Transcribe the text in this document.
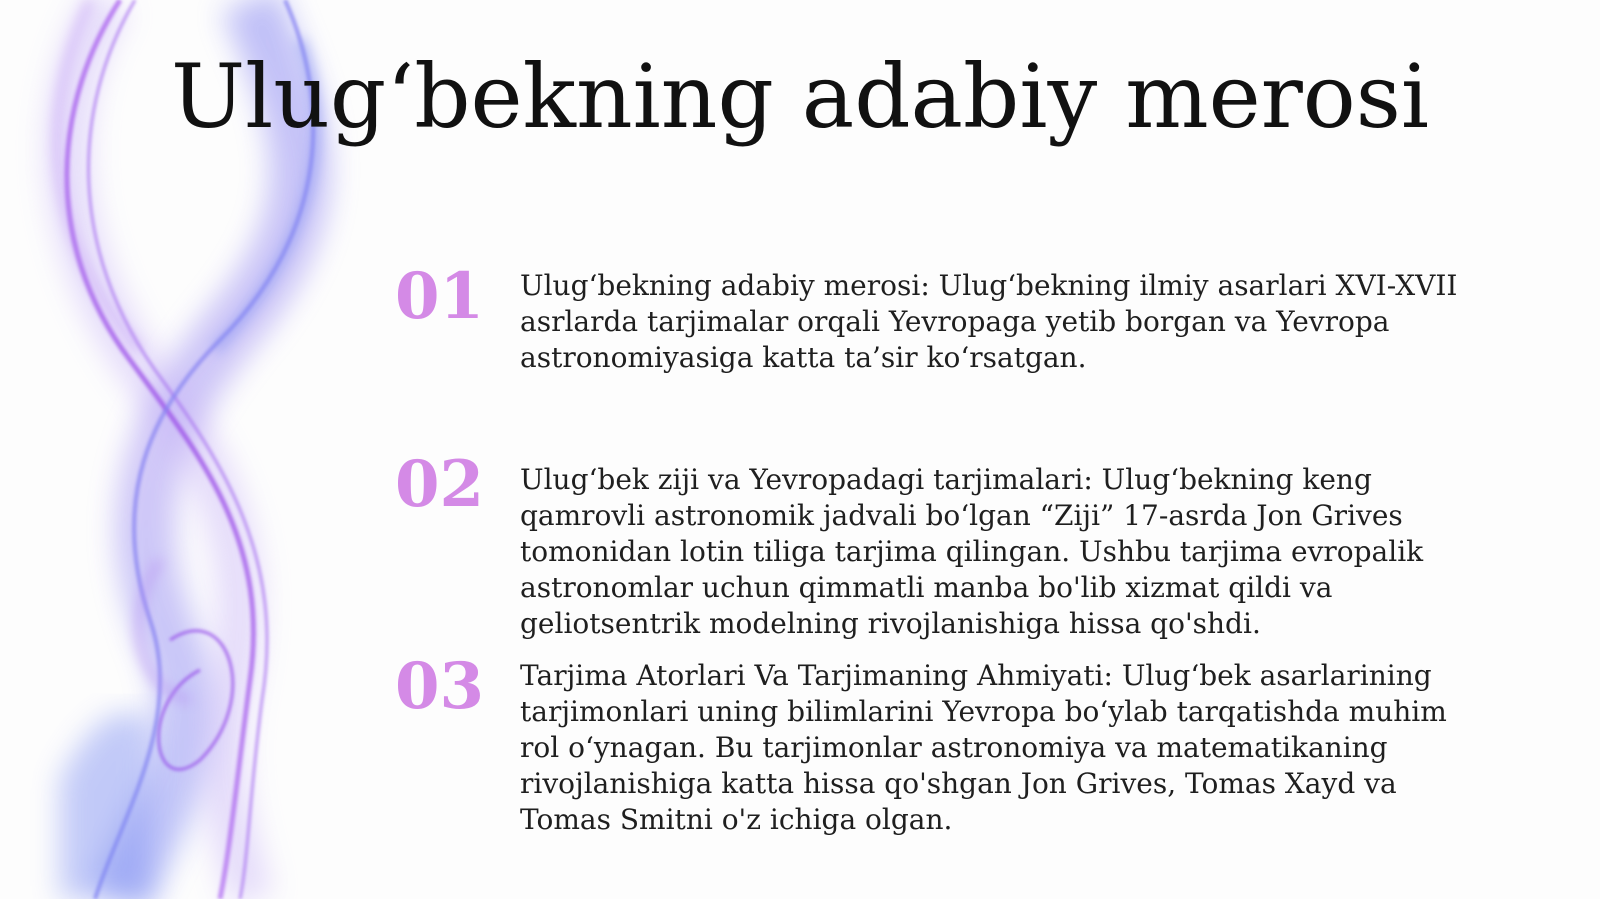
Ulug‘bekning adabiy merosi
01	Ulug‘bekning adabiy merosi: Ulug‘bekning ilmiy asarlari XVI-XVII asrlarda tarjimalar orqali Yevropaga yetib borgan va Yevropa astronomiyasiga katta ta’sir ko‘rsatgan.
02	Ulug‘bek ziji va Yevropadagi tarjimalari: Ulug‘bekning keng qamrovli astronomik jadvali bo‘lgan “Ziji” 17-asrda Jon Grives tomonidan lotin tiliga tarjima qilingan. Ushbu tarjima evropalik astronomlar uchun qimmatli manba bo'lib xizmat qildi va geliotsentrik modelning rivojlanishiga hissa qo'shdi.
03	Tarjima Atorlari Va Tarjimaning Ahmiyati: Ulug‘bek asarlarining tarjimonlari uning bilimlarini Yevropa bo‘ylab tarqatishda muhim rol o‘ynagan. Bu tarjimonlar astronomiya va matematikaning rivojlanishiga katta hissa qo'shgan Jon Grives, Tomas Xayd va Tomas Smitni o'z ichiga olgan.
